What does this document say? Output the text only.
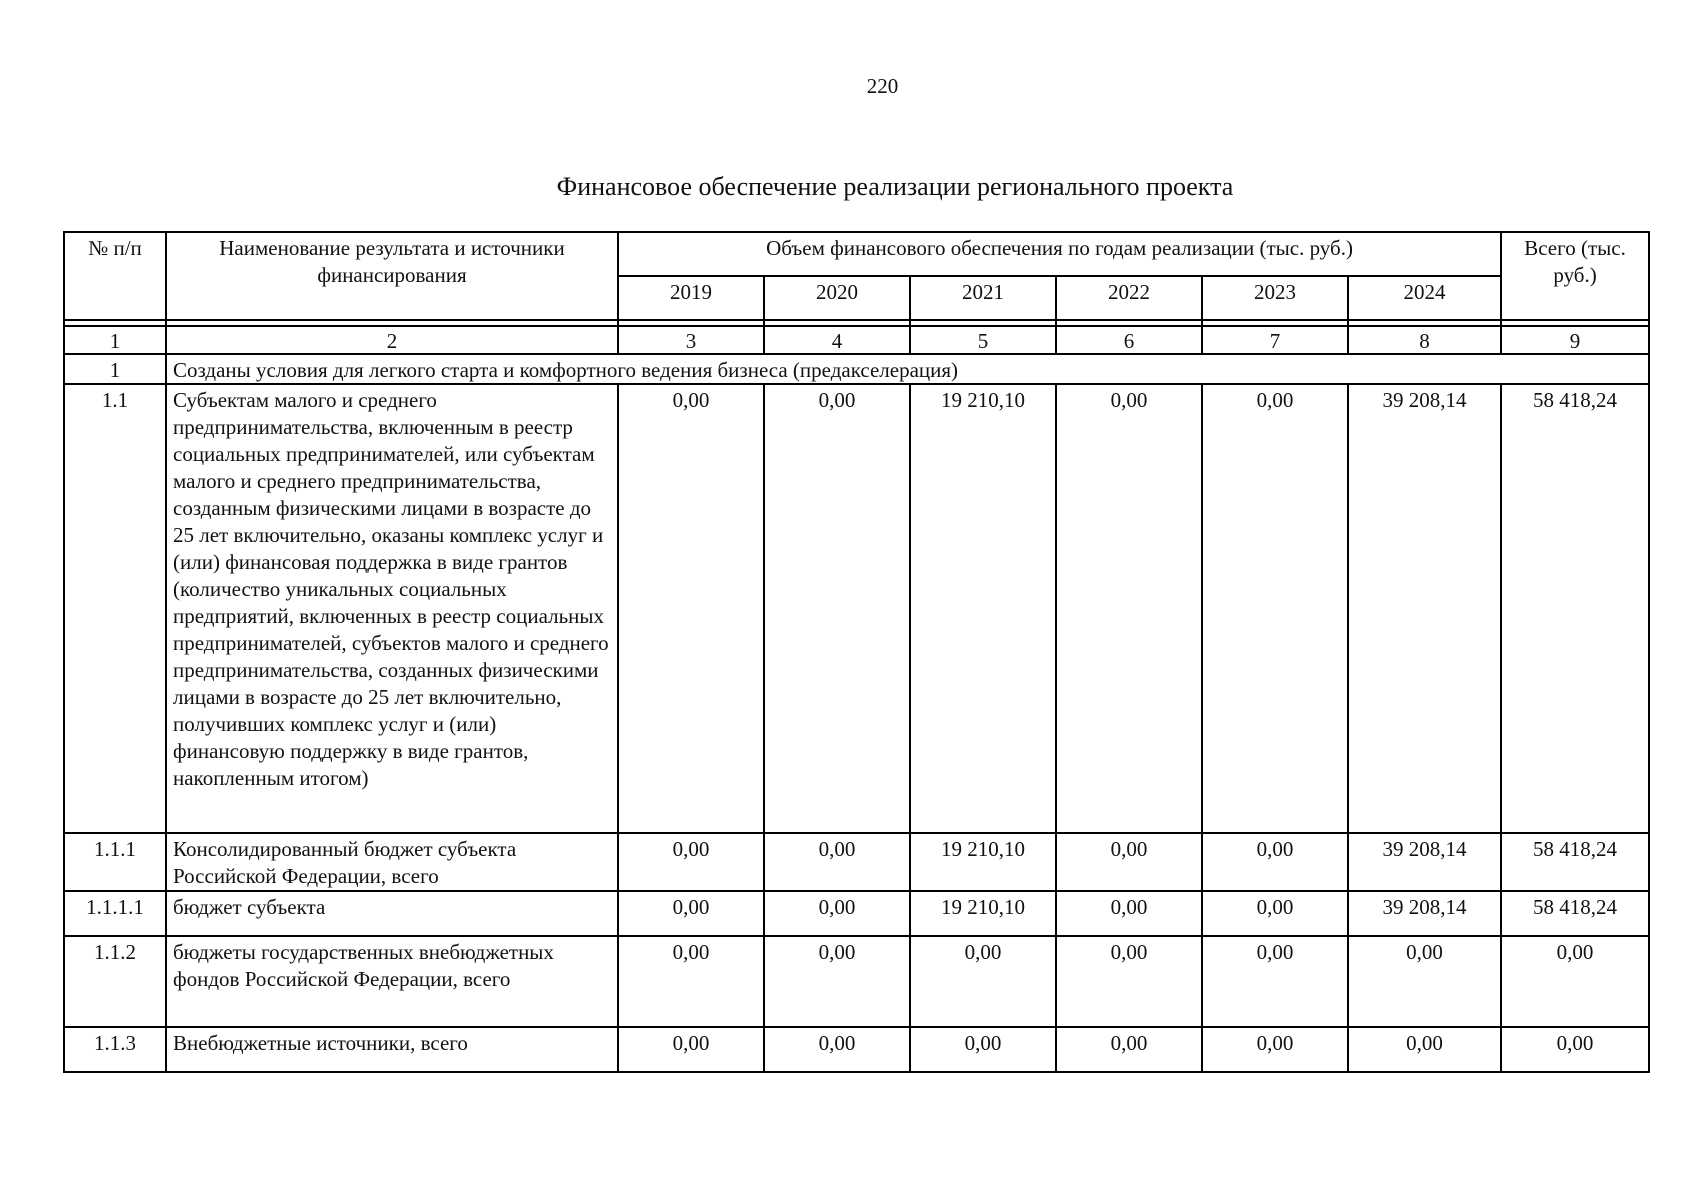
220
Финансовое обеспечение реализации регионального проекта
№ п/п	Наименование результата и источники финансирования	Объем финансового обеспечения по годам реализации (тыс. руб.)						Всего (тыс. руб.)
		2019	2020	2021	2022	2023	2024	

1	2	3	4	5	6	7	8	9
1	Созданы условия для легкого старта и комфортного ведения бизнеса (предакселерация)							
1.1	Субъектам малого и среднего предпринимательства, включенным в реестр социальных предпринимателей, или субъектам малого и среднего предпринимательства, созданным физическими лицами в возрасте до 25 лет включительно, оказаны комплекс услуг и (или) финансовая поддержка в виде грантов (количество уникальных социальных предприятий, включенных в реестр социальных предпринимателей, субъектов малого и среднего предпринимательства, созданных физическими лицами в возрасте до 25 лет включительно, получивших комплекс услуг и (или) финансовую поддержку в виде грантов, накопленным итогом)	0,00	0,00	19 210,10	0,00	0,00	39 208,14	58 418,24
1.1.1	Консолидированный бюджет субъекта Российской Федерации, всего	0,00	0,00	19 210,10	0,00	0,00	39 208,14	58 418,24
1.1.1.1	бюджет субъекта	0,00	0,00	19 210,10	0,00	0,00	39 208,14	58 418,24
1.1.2	бюджеты государственных внебюджетных фондов Российской Федерации, всего	0,00	0,00	0,00	0,00	0,00	0,00	0,00
1.1.3	Внебюджетные источники, всего	0,00	0,00	0,00	0,00	0,00	0,00	0,00
